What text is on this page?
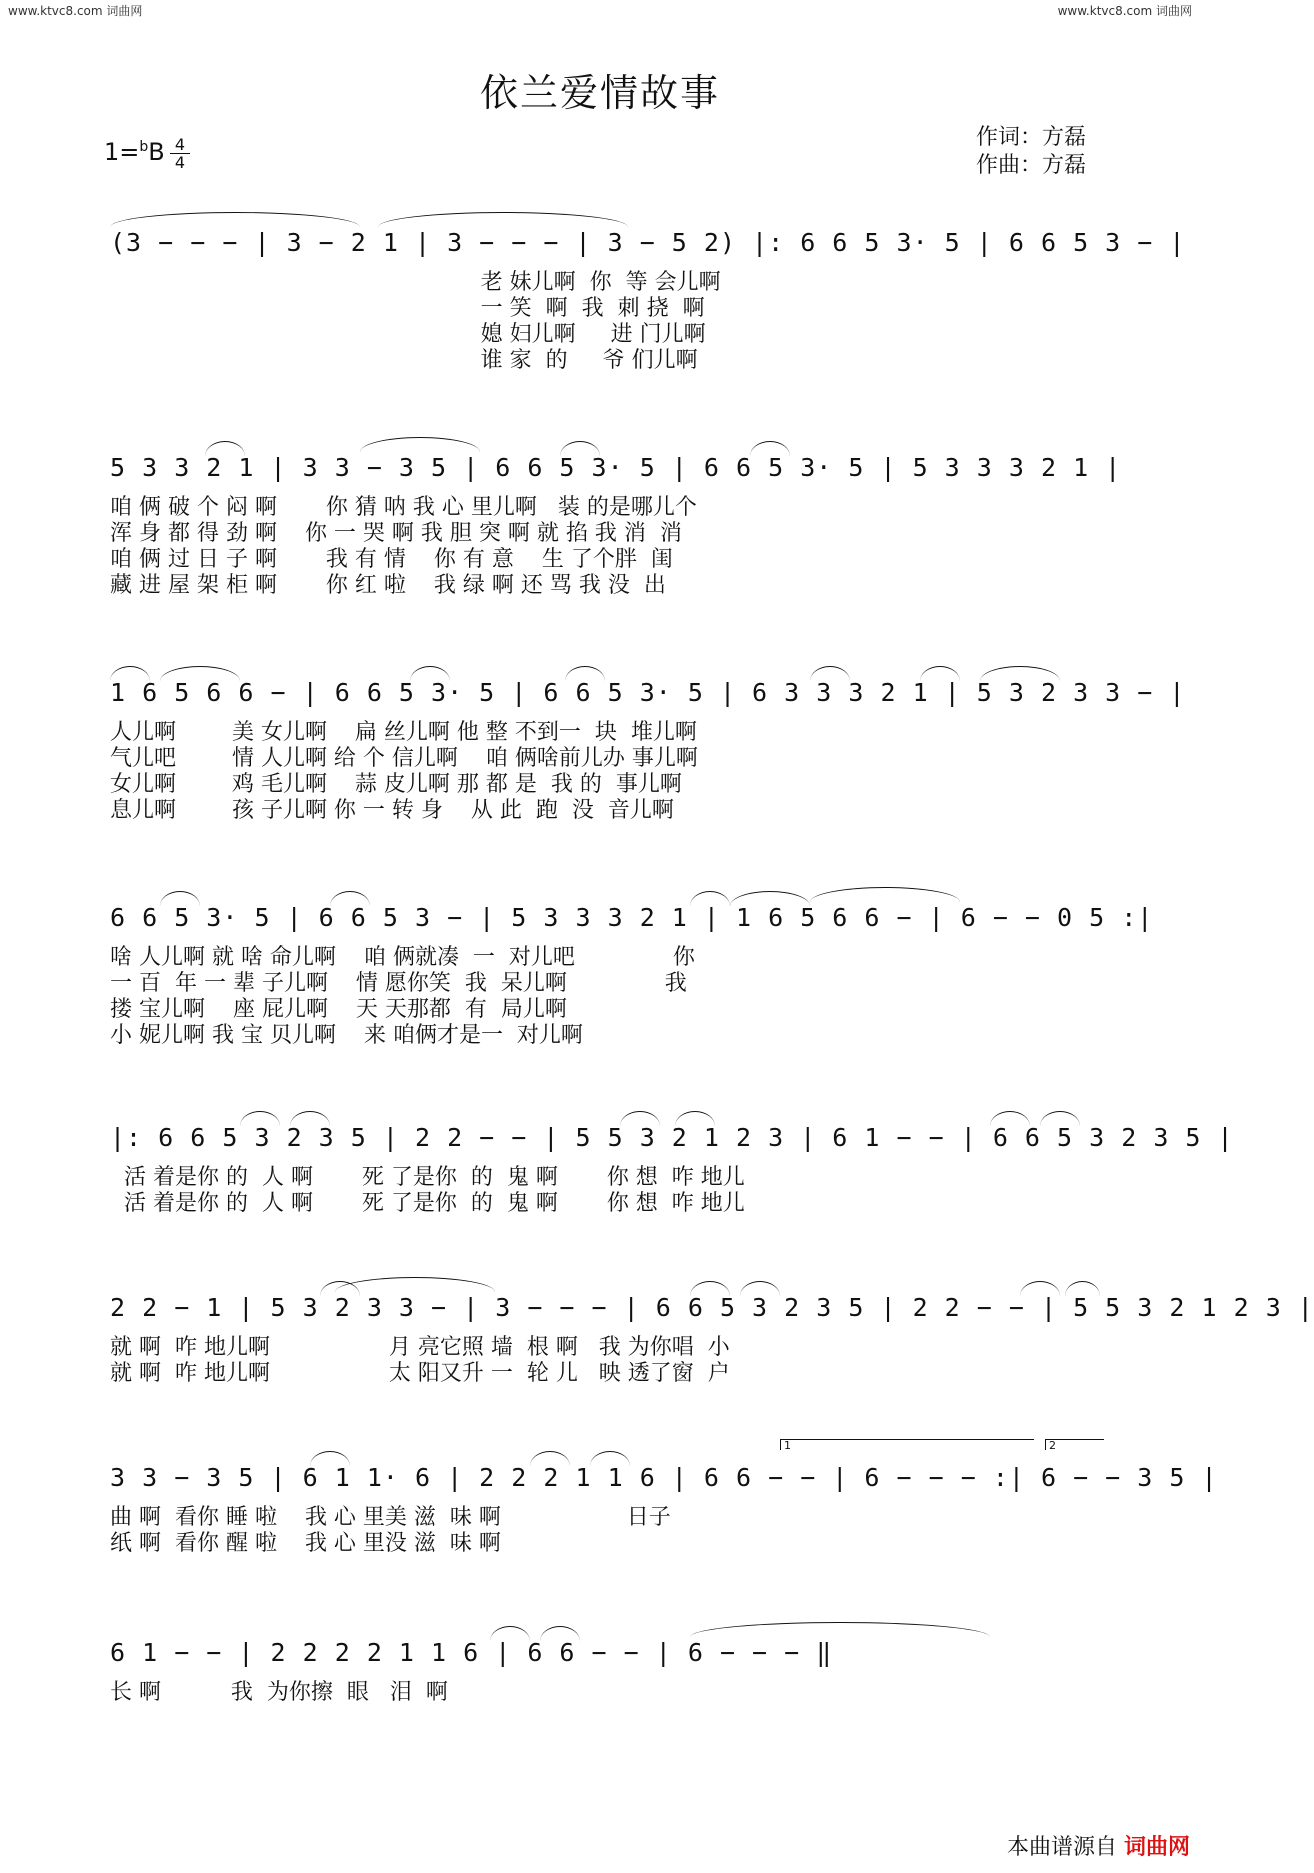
www.ktvc8.com 词曲网	www.ktvc8.com 词曲网
依兰爱情故事
1=$^b$B 4
4
作词：方磊
作曲：方磊
(3 − − − | 3 − 2 1 | 3 − − − | 3 − 5 2) |: 6 6 5 3· 5 | 6 6 5 3 − |
老 妹儿啊  你  等 会儿啊
一 笑  啊  我  刺 挠  啊
媳 妇儿啊     进 门儿啊
谁 家  的     爷 们儿啊
5 3 3 2 1 | 3 3 − 3 5 | 6 6 5 3· 5 | 6 6 5 3· 5 | 5 3 3 3 2 1 |
咱 俩 破 个 闷 啊       你 猜 呐 我 心 里儿啊   装 的是哪儿个
浑 身 都 得 劲 啊    你 一 哭 啊 我 胆 突 啊 就 掐 我 消  消
咱 俩 过 日 子 啊       我 有 情    你 有 意    生 了个胖  闺
藏 进 屋 架 柜 啊       你 红 啦    我 绿 啊 还 骂 我 没  出
1 6 5 6 6 − | 6 6 5 3· 5 | 6 6 5 3· 5 | 6 3 3 3 2 1 | 5 3 2 3 3 − |
人儿啊        美 女儿啊    扁 丝儿啊 他 整 不到一  块  堆儿啊
气儿吧        情 人儿啊 给 个 信儿啊    咱 俩啥前儿办 事儿啊
女儿啊        鸡 毛儿啊    蒜 皮儿啊 那 都 是  我 的  事儿啊
息儿啊        孩 子儿啊 你 一 转 身    从 此  跑  没  音儿啊
6 6 5 3· 5 | 6 6 5 3 − | 5 3 3 3 2 1 | 1 6 5 6 6 − | 6 − − 0 5 :|
啥 人儿啊 就 啥 命儿啊    咱 俩就凑  一  对儿吧              你
一 百  年 一 辈 子儿啊    情 愿你笑  我  呆儿啊              我
搂 宝儿啊    座 屁儿啊    天 天那都  有  局儿啊
小 妮儿啊 我 宝 贝儿啊    来 咱俩才是一  对儿啊
|: 6 6 5 3 2 3 5 | 2 2 − − | 5 5 3 2 1 2 3 | 6 1 − − | 6 6 5 3 2 3 5 |
活 着是你 的  人 啊       死 了是你  的  鬼 啊       你 想  咋 地儿
活 着是你 的  人 啊       死 了是你  的  鬼 啊       你 想  咋 地儿
2 2 − 1 | 5 3 2 3 3 − | 3 − − − | 6 6 5 3 2 3 5 | 2 2 − − | 5 5 3 2 1 2 3 |
就 啊  咋 地儿啊                 月 亮它照 墙  根 啊   我 为你唱  小
就 啊  咋 地儿啊                 太 阳又升 一  轮 儿   映 透了窗  户
1	2
3 3 − 3 5 | 6 1 1· 6 | 2 2 2 1 1 6 | 6 6 − − | 6 − − − :| 6 − − 3 5 |
曲 啊  看你 睡 啦    我 心 里美 滋  味 啊                  日子
纸 啊  看你 醒 啦    我 心 里没 滋  味 啊
6 1 − − | 2 2 2 2 1 1 6 | 6 6 − − | 6 − − − ‖
长 啊          我  为你擦  眼   泪  啊
本曲谱源自 词曲网
